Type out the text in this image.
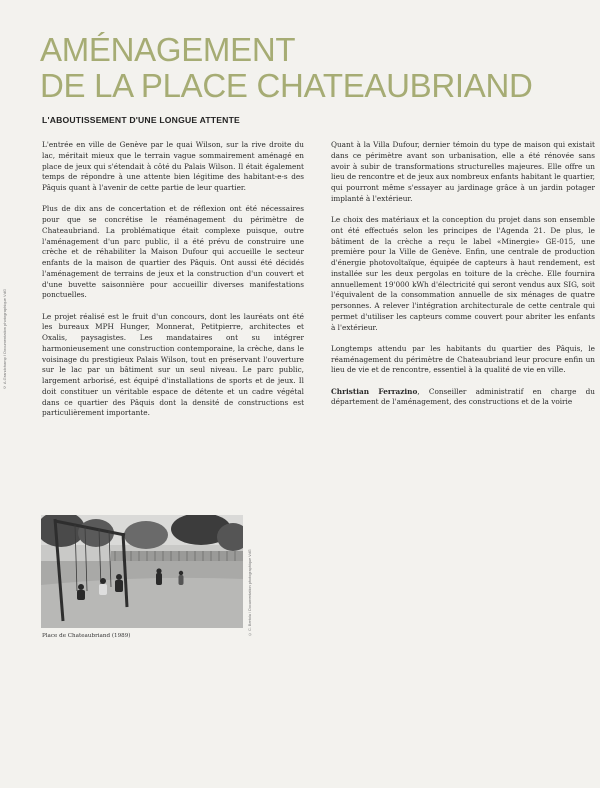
AMÉNAGEMENT
DE LA PLACE CHATEAUBRIAND
L'ABOUTISSEMENT D'UNE LONGUE ATTENTE
© A.Grandchamp / Documentation photographique VdG

L'entrée en ville de Genève par le quai Wilson, sur la rive droite du lac, méritait mieux que le terrain vague sommairement aménagé en place de jeux qui s'étendait à côté du Palais Wilson. Il était également temps de répondre à une attente bien légitime des habitant-e-s des Pâquis quant à l'avenir de cette partie de leur quartier.

Plus de dix ans de concertation et de réflexion ont été nécessaires pour que se concrétise le réaménagement du périmètre de Chateaubriand. La problématique était complexe puisque, outre l'aménagement d'un parc public, il a été prévu de construire une crèche et de réhabiliter la Maison Dufour qui accueille le secteur enfants de la maison de quartier des Pâquis. Ont aussi été décidés l'aménagement de terrains de jeux et la construction d'un couvert et d'une buvette saisonnière pour accueillir diverses manifestations ponctuelles.

Le projet réalisé est le fruit d'un concours, dont les lauréats ont été les bureaux MPH Hunger, Monnerat, Petitpierre, architectes et Oxalis, paysagistes. Les mandataires ont su intégrer harmonieusement une construction contemporaine, la crèche, dans le voisinage du prestigieux Palais Wilson, tout en préservant l'ouverture sur le lac par un bâtiment sur un seul niveau. Le parc public, largement arborisé, est équipé d'installations de sports et de jeux. Il doit constituer un véritable espace de détente et un cadre végétal dans ce quartier des Pâquis dont la densité de constructions est particulièrement importante.

Quant à la Villa Dufour, dernier témoin du type de maison qui existait dans ce périmètre avant son urbanisation, elle a été rénovée sans avoir à subir de transformations structurelles majeures. Elle offre un lieu de rencontre et de jeux aux nombreux enfants habitant le quartier, qui pourront même s'essayer au jardinage grâce à un jardin potager implanté à l'extérieur.

Le choix des matériaux et la conception du projet dans son ensemble ont été effectués selon les principes de l'Agenda 21. De plus, le bâtiment de la crèche a reçu le label «Minergie» GE-015, une première pour la Ville de Genève. Enfin, une centrale de production d'énergie photovoltaïque, équipée de capteurs à haut rendement, est installée sur les deux pergolas en toiture de la crèche. Elle fournira annuellement 19'000 kWh d'électricité qui seront vendus aux SIG, soit l'équivalent de la consommation annuelle de six ménages de quatre personnes. A relever l'intégration architecturale de cette centrale qui permet d'utiliser les capteurs comme couvert pour abriter les enfants à l'extérieur.

Longtemps attendu par les habitants du quartier des Pâquis, le réaménagement du périmètre de Chateaubriand leur procure enfin un lieu de vie et de rencontre, essentiel à la qualité de vie en ville.

Christian Ferrazino, Conseiller administratif en charge du département de l'aménagement, des constructions et de la voirie

© C. Bertola / Documentation photographique VdG
Place de Chateaubriand (1989)
